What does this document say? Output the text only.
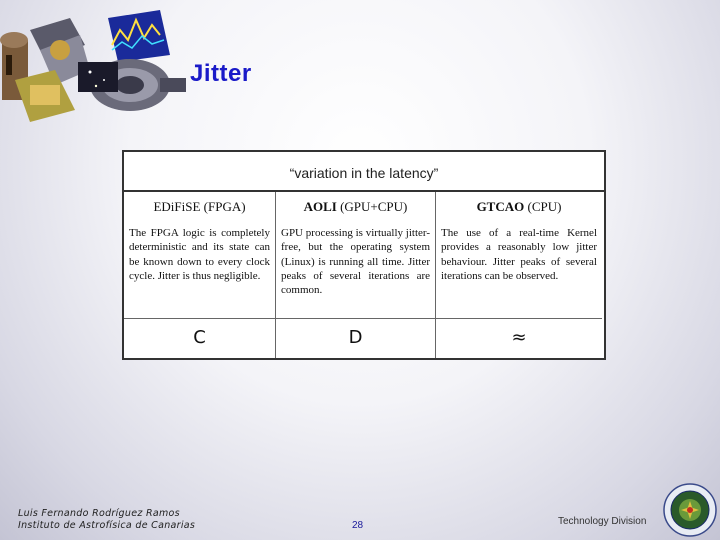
Jitter
“variation in the latency”
EDiFiSE (FPGA)
The FPGA logic is completely deterministic and its state can be known down to every clock cycle. Jitter is thus negligible.
C
AOLI (GPU+CPU)
GPU processing is virtually jitter-free, but the operating system (Linux) is running all time. Jitter peaks of several iterations are common.
D
GTCAO (CPU)
The use of a real-time Kernel provides a reasonably low jitter behaviour. Jitter peaks of several iterations can be observed.
≈
Luis Fernando Rodríguez Ramos
Instituto de Astrofísica de Canarias	28	Technology Division
